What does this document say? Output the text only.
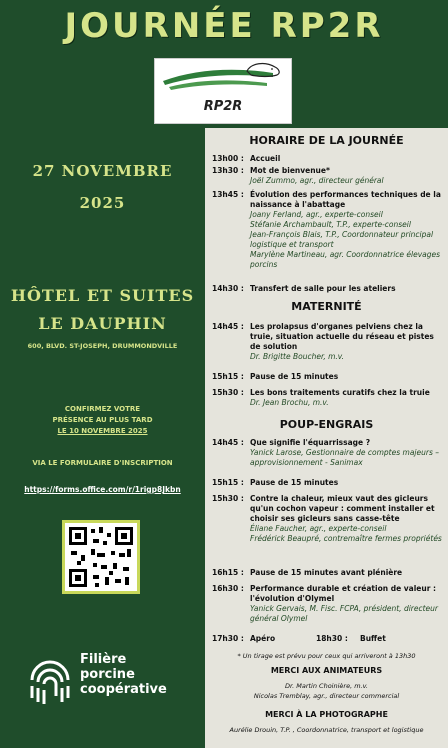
JOURNÉE RP2R
RP2R
27 NOVEMBRE
2025
HÔTEL ET SUITES
LE DAUPHIN
600, BLVD. ST-JOSEPH, DRUMMONDVILLE
CONFIRMEZ VOTRE
PRÉSENCE AU PLUS TARD
LE 10 NOVEMBRE 2025
VIA LE FORMULAIRE D'INSCRIPTION
https://forms.office.com/r/1rigp8Jkbn
Filière
porcine
coopérative
HORAIRE DE LA JOURNÉE
13h00 : Accueil
13h30 : Mot de bienvenue*
Joël Zummo, agr., directeur général
13h45 : Évolution des performances techniques de la naissance à l'abattage
Joany Ferland, agr., experte-conseil
Stéfanie Archambault, T.P., experte-conseil
Jean-François Blais, T.P., Coordonnateur principal logistique et transport
Marylène Martineau, agr. Coordonnatrice élevages porcins
14h30 : Transfert de salle pour les ateliers
MATERNITÉ
14h45 : Les prolapsus d'organes pelviens chez la truie, situation actuelle du réseau et pistes de solution
Dr. Brigitte Boucher, m.v.
15h15 : Pause de 15 minutes
15h30 : Les bons traitements curatifs chez la truie
Dr. Jean Brochu, m.v.
POUP-ENGRAIS
14h45 : Que signifie l'équarrissage ?
Yanick Larose, Gestionnaire de comptes majeurs – approvisionnement - Sanimax
15h15 : Pause de 15 minutes
15h30 : Contre la chaleur, mieux vaut des gicleurs qu'un cochon vapeur : comment installer et choisir ses gicleurs sans casse-tête
Éliane Faucher, agr., experte-conseil
Frédérick Beaupré, contremaître fermes propriétés
16h15 : Pause de 15 minutes avant plénière
16h30 : Performance durable et création de valeur : l'évolution d'Olymel
Yanick Gervais, M. Fisc. FCPA, président, directeur général Olymel
17h30 : Apéro	18h30 : Buffet
* Un tirage est prévu pour ceux qui arriveront à 13h30
MERCI AUX ANIMATEURS
Dr. Martin Choinière, m.v.
Nicolas Tremblay, agr., directeur commercial
MERCI À LA PHOTOGRAPHE
Aurélie Drouin, T.P. , Coordonnatrice, transport et logistique
